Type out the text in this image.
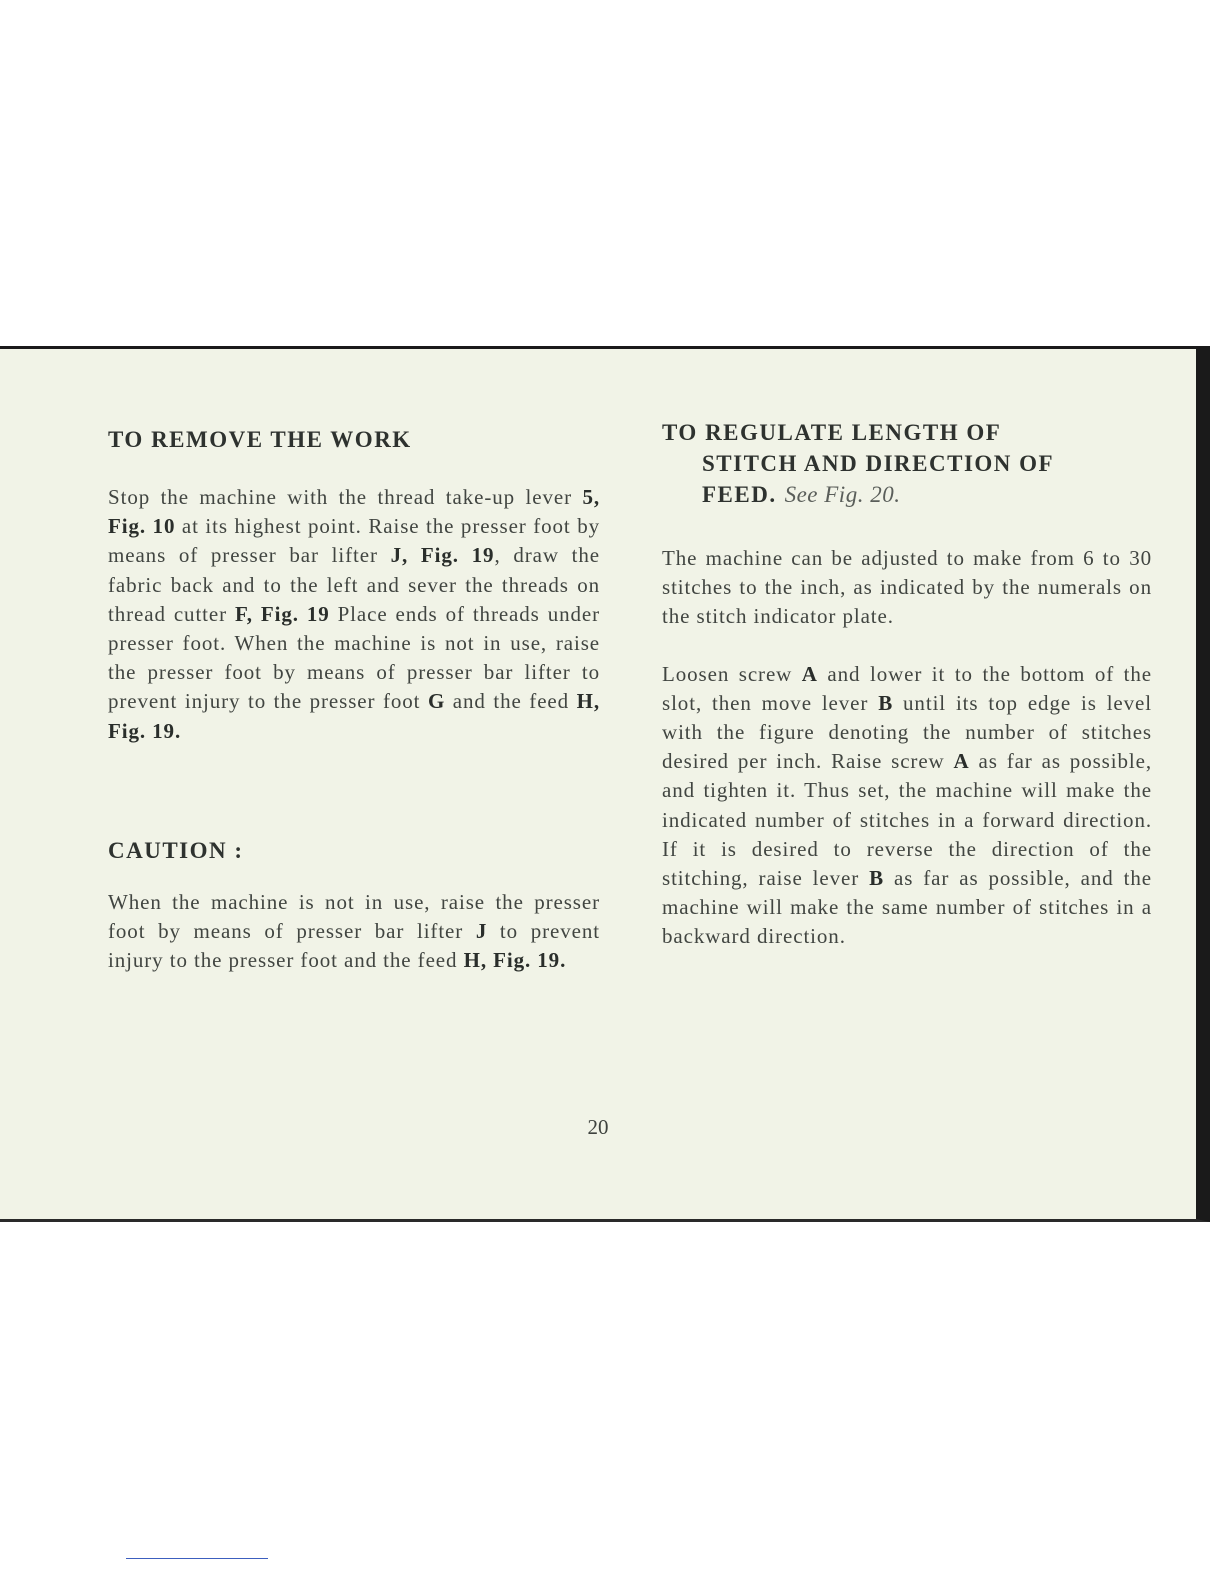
TO REMOVE THE WORK

Stop the machine with the thread take-up lever 5, Fig. 10 at its highest point. Raise the presser foot by means of presser bar lifter J, Fig. 19, draw the fabric back and to the left and sever the threads on thread cutter F, Fig. 19 Place ends of threads under presser foot. When the machine is not in use, raise the presser foot by means of presser bar lifter to prevent injury to the presser foot G and the feed H, Fig. 19.

CAUTION :

When the machine is not in use, raise the presser foot by means of presser bar lifter J to prevent injury to the presser foot and the feed H, Fig. 19.

TO REGULATE LENGTH OF
STITCH AND DIRECTION OF
FEED. See Fig. 20.

The machine can be adjusted to make from 6 to 30 stitches to the inch, as indicated by the numerals on the stitch indicator plate.

Loosen screw A and lower it to the bottom of the slot, then move lever B until its top edge is level with the figure denoting the number of stitches desired per inch. Raise screw A as far as possible, and tighten it. Thus set, the machine will make the indicated number of stitches in a forward direction. If it is desired to reverse the direction of the stitching, raise lever B as far as possible, and the machine will make the same number of stitches in a backward direction.

20
